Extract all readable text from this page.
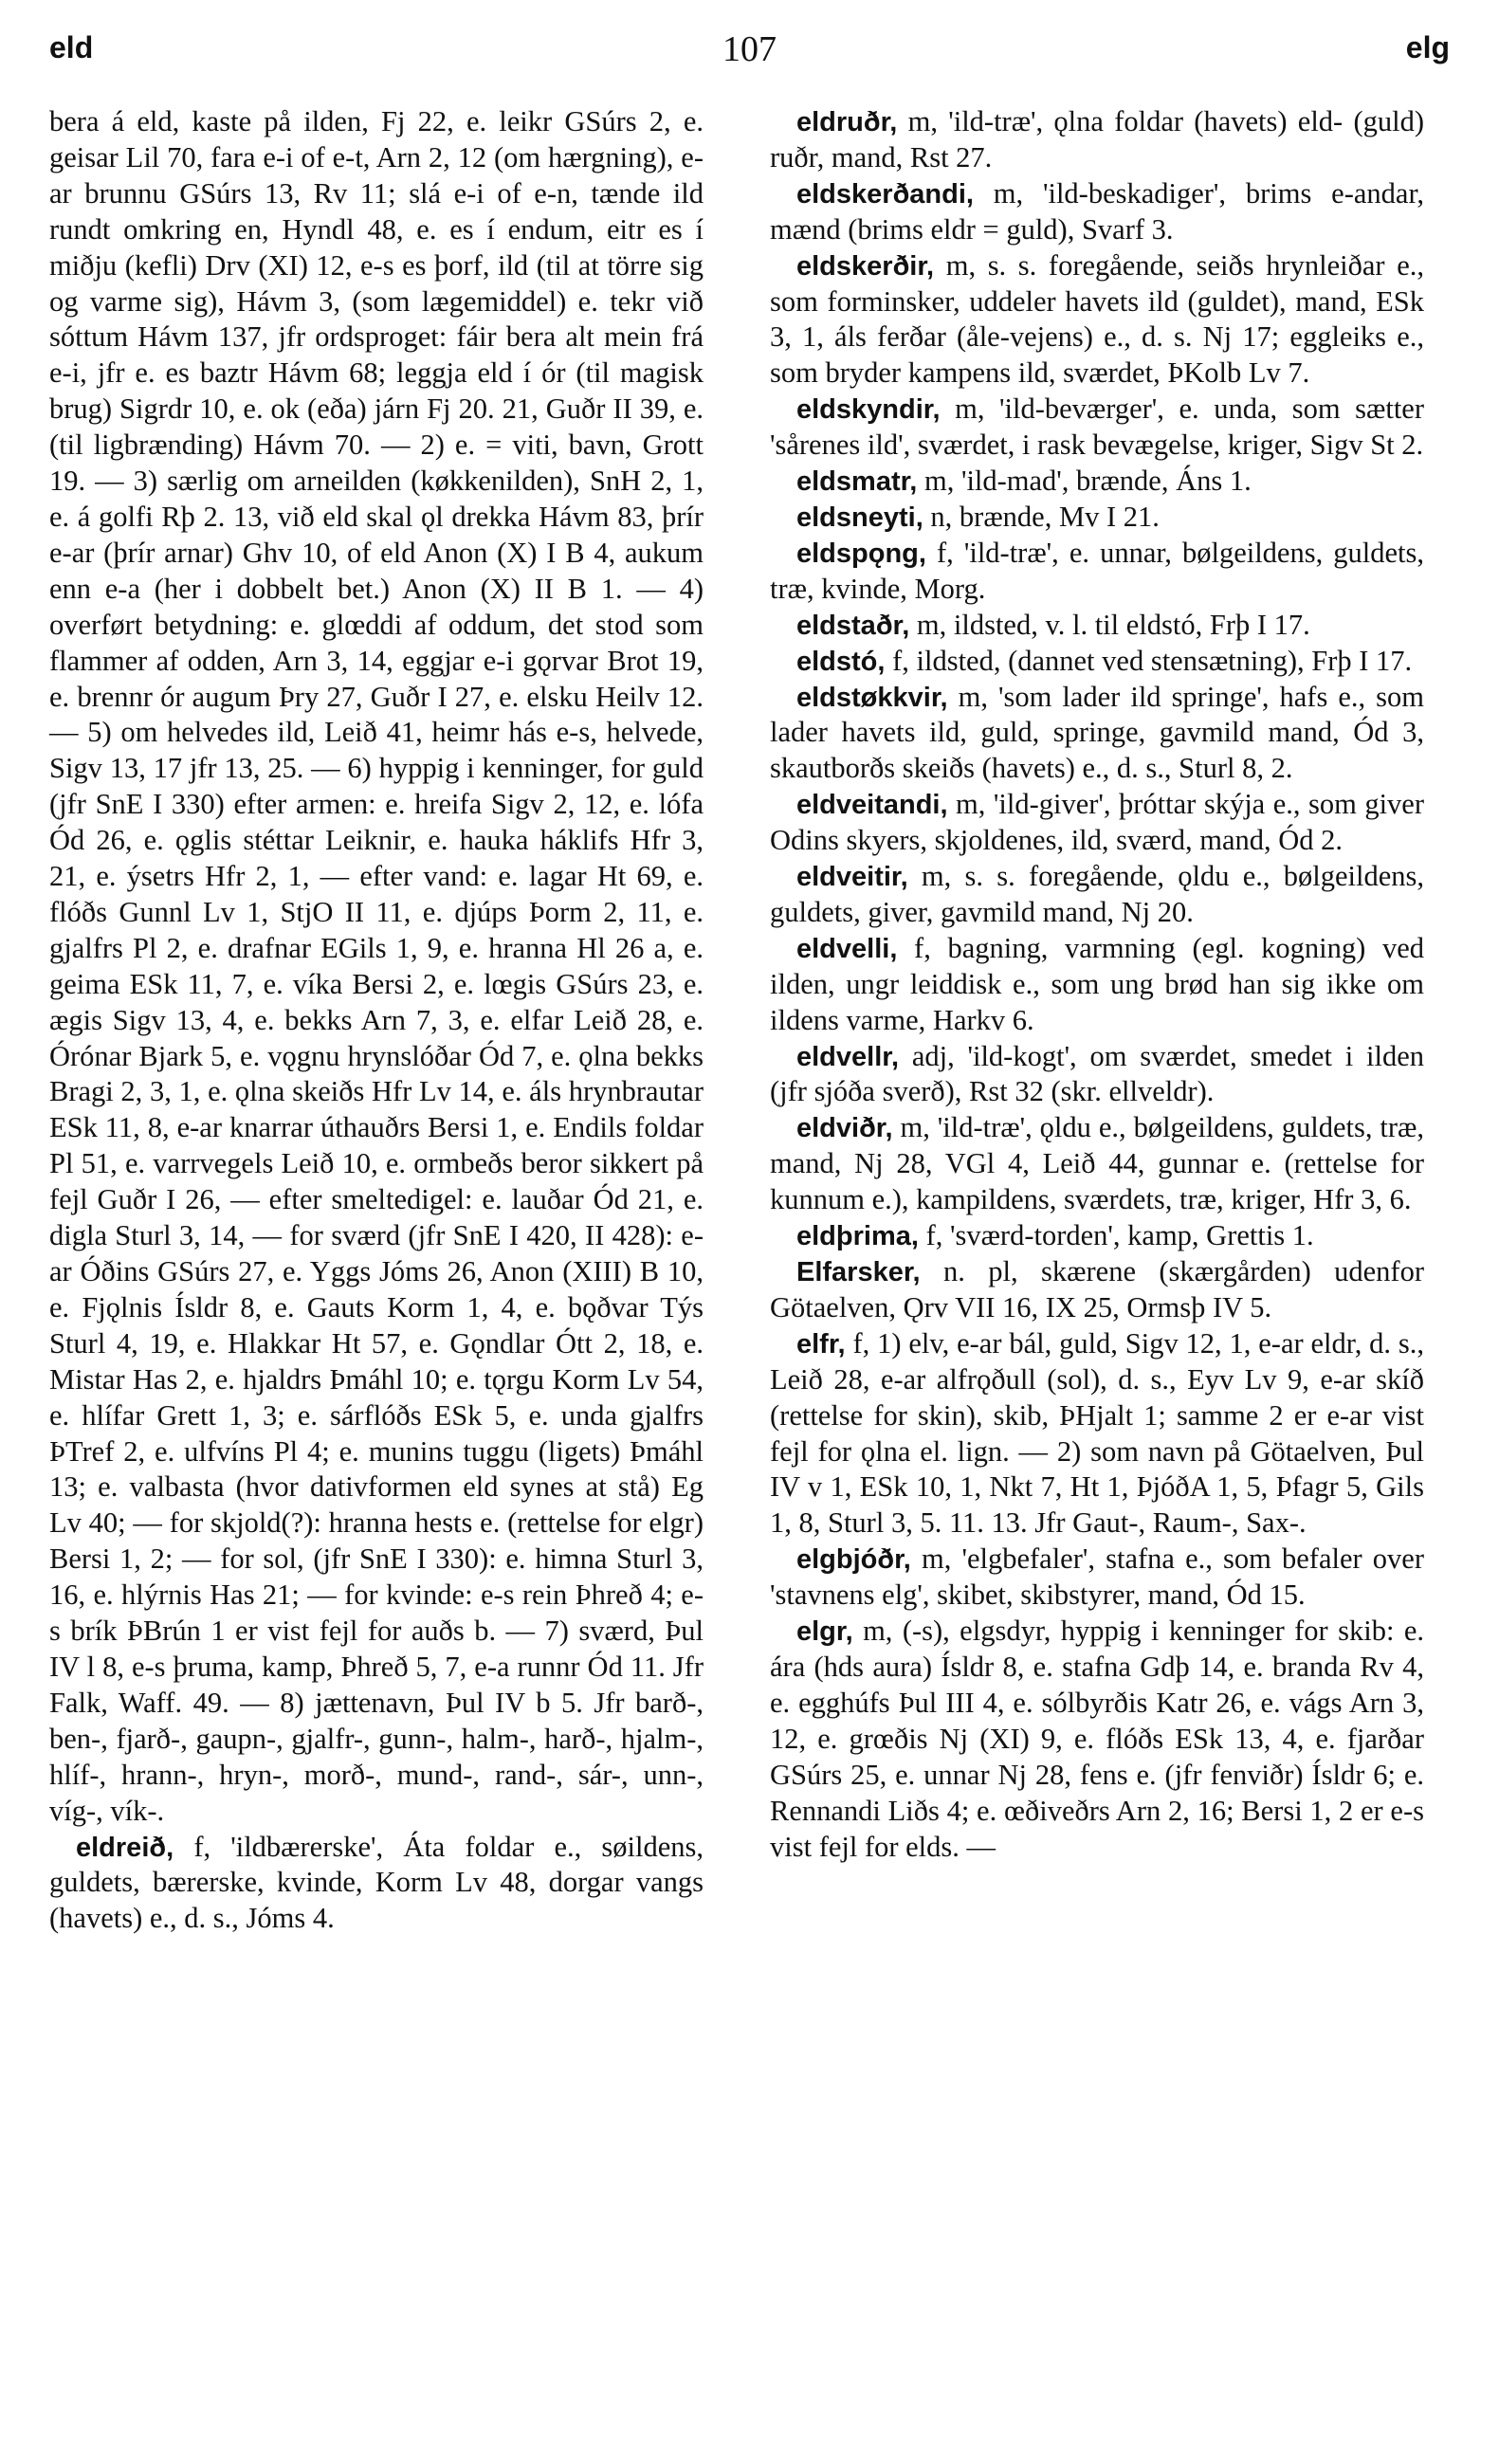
eld	107	elg

bera á eld, kaste på ilden, Fj 22, e. leikr GSúrs 2, e. geisar Lil 70, fara e-i of e-t, Arn 2, 12 (om hærgning), e-ar brunnu GSúrs 13, Rv 11; slá e-i of e-n, tænde ild rundt omkring en, Hyndl 48, e. es í endum, eitr es í miðju (kefli) Drv (XI) 12, e-s es þorf, ild (til at törre sig og varme sig), Hávm 3, (som lægemiddel) e. tekr við sóttum Hávm 137, jfr ordsproget: fáir bera alt mein frá e-i, jfr e. es baztr Hávm 68; leggja eld í ór (til magisk brug) Sigrdr 10, e. ok (eða) járn Fj 20. 21, Guðr II 39, e. (til ligbrænding) Hávm 70. — 2) e. = viti, bavn, Grott 19. — 3) særlig om arneilden (køkkenilden), SnH 2, 1, e. á golfi Rþ 2. 13, við eld skal ǫl drekka Hávm 83, þrír e-ar (þrír arnar) Ghv 10, of eld Anon (X) I B 4, aukum enn e-a (her i dobbelt bet.) Anon (X) II B 1. — 4) overført betydning: e. glœddi af oddum, det stod som flammer af odden, Arn 3, 14, eggjar e-i gǫrvar Brot 19, e. brennr ór augum Þry 27, Guðr I 27, e. elsku Heilv 12. — 5) om helvedes ild, Leið 41, heimr hás e-s, helvede, Sigv 13, 17 jfr 13, 25. — 6) hyppig i kenninger, for guld (jfr SnE I 330) efter armen: e. hreifa Sigv 2, 12, e. lófa Ód 26, e. ǫglis stéttar Leiknir, e. hauka háklifs Hfr 3, 21, e. ýsetrs Hfr 2, 1, — efter vand: e. lagar Ht 69, e. flóðs Gunnl Lv 1, StjO II 11, e. djúps Þorm 2, 11, e. gjalfrs Pl 2, e. drafnar EGils 1, 9, e. hranna Hl 26 a, e. geima ESk 11, 7, e. víka Bersi 2, e. lœgis GSúrs 23, e. ægis Sigv 13, 4, e. bekks Arn 7, 3, e. elfar Leið 28, e. Órónar Bjark 5, e. vǫgnu hrynslóðar Ód 7, e. ǫlna bekks Bragi 2, 3, 1, e. ǫlna skeiðs Hfr Lv 14, e. áls hrynbrautar ESk 11, 8, e-ar knarrar úthauðrs Bersi 1, e. Endils foldar Pl 51, e. varrvegels Leið 10, e. ormbeðs beror sikkert på fejl Guðr I 26, — efter smeltedigel: e. lauðar Ód 21, e. digla Sturl 3, 14, — for sværd (jfr SnE I 420, II 428): e-ar Óðins GSúrs 27, e. Yggs Jóms 26, Anon (XIII) B 10, e. Fjǫlnis Ísldr 8, e. Gauts Korm 1, 4, e. bǫðvar Týs Sturl 4, 19, e. Hlakkar Ht 57, e. Gǫndlar Ótt 2, 18, e. Mistar Has 2, e. hjaldrs Þmáhl 10; e. tǫrgu Korm Lv 54, e. hlífar Grett 1, 3; e. sárflóðs ESk 5, e. unda gjalfrs ÞTref 2, e. ulfvíns Pl 4; e. munins tuggu (ligets) Þmáhl 13; e. valbasta (hvor dativformen eld synes at stå) Eg Lv 40; — for skjold(?): hranna hests e. (rettelse for elgr) Bersi 1, 2; — for sol, (jfr SnE I 330): e. himna Sturl 3, 16, e. hlýrnis Has 21; — for kvinde: e-s rein Þhreð 4; e-s brík ÞBrún 1 er vist fejl for auðs b. — 7) sværd, Þul IV l 8, e-s þruma, kamp, Þhreð 5, 7, e-a runnr Ód 11. Jfr Falk, Waff. 49. — 8) jættenavn, Þul IV b 5. Jfr barð-, ben-, fjarð-, gaupn-, gjalfr-, gunn-, halm-, harð-, hjalm-, hlíf-, hrann-, hryn-, morð-, mund-, rand-, sár-, unn-, víg-, vík-.

eldreið, f, 'ildbærerske', Áta foldar e., søildens, guldets, bærerske, kvinde, Korm Lv 48, dorgar vangs (havets) e., d. s., Jóms 4.

eldruðr, m, 'ild-træ', ǫlna foldar (havets) eld- (guld) ruðr, mand, Rst 27.

eldskerðandi, m, 'ild-beskadiger', brims e-andar, mænd (brims eldr = guld), Svarf 3.

eldskerðir, m, s. s. foregående, seiðs hrynleiðar e., som forminsker, uddeler havets ild (guldet), mand, ESk 3, 1, áls ferðar (åle-vejens) e., d. s. Nj 17; eggleiks e., som bryder kampens ild, sværdet, ÞKolb Lv 7.

eldskyndir, m, 'ild-beværger', e. unda, som sætter 'sårenes ild', sværdet, i rask bevægelse, kriger, Sigv St 2.

eldsmatr, m, 'ild-mad', brænde, Áns 1.

eldsneyti, n, brænde, Mv I 21.

eldspǫng, f, 'ild-træ', e. unnar, bølgeildens, guldets, træ, kvinde, Morg.

eldstaðr, m, ildsted, v. l. til eldstó, Frþ I 17.

eldstó, f, ildsted, (dannet ved stensætning), Frþ I 17.

eldstøkkvir, m, 'som lader ild springe', hafs e., som lader havets ild, guld, springe, gavmild mand, Ód 3, skautborðs skeiðs (havets) e., d. s., Sturl 8, 2.

eldveitandi, m, 'ild-giver', þróttar skýja e., som giver Odins skyers, skjoldenes, ild, sværd, mand, Ód 2.

eldveitir, m, s. s. foregående, ǫldu e., bølgeildens, guldets, giver, gavmild mand, Nj 20.

eldvelli, f, bagning, varmning (egl. kogning) ved ilden, ungr leiddisk e., som ung brød han sig ikke om ildens varme, Harkv 6.

eldvellr, adj, 'ild-kogt', om sværdet, smedet i ilden (jfr sjóða sverð), Rst 32 (skr. ellveldr).

eldviðr, m, 'ild-træ', ǫldu e., bølgeildens, guldets, træ, mand, Nj 28, VGl 4, Leið 44, gunnar e. (rettelse for kunnum e.), kampildens, sværdets, træ, kriger, Hfr 3, 6.

eldþrima, f, 'sværd-torden', kamp, Grettis 1.

Elfarsker, n. pl, skærene (skærgården) udenfor Götaelven, Ǫrv VII 16, IX 25, Ormsþ IV 5.

elfr, f, 1) elv, e-ar bál, guld, Sigv 12, 1, e-ar eldr, d. s., Leið 28, e-ar alfrǫðull (sol), d. s., Eyv Lv 9, e-ar skíð (rettelse for skin), skib, ÞHjalt 1; samme 2 er e-ar vist fejl for ǫlna el. lign. — 2) som navn på Götaelven, Þul IV v 1, ESk 10, 1, Nkt 7, Ht 1, ÞjóðA 1, 5, Þfagr 5, Gils 1, 8, Sturl 3, 5. 11. 13. Jfr Gaut-, Raum-, Sax-.

elgbjóðr, m, 'elgbefaler', stafna e., som befaler over 'stavnens elg', skibet, skibstyrer, mand, Ód 15.

elgr, m, (-s), elgsdyr, hyppig i kenninger for skib: e. ára (hds aura) Ísldr 8, e. stafna Gdþ 14, e. branda Rv 4, e. egghúfs Þul III 4, e. sólbyrðis Katr 26, e. vágs Arn 3, 12, e. grœðis Nj (XI) 9, e. flóðs ESk 13, 4, e. fjarðar GSúrs 25, e. unnar Nj 28, fens e. (jfr fenviðr) Ísldr 6; e. Rennandi Liðs 4; e. œðiveðrs Arn 2, 16; Bersi 1, 2 er e-s vist fejl for elds. —
